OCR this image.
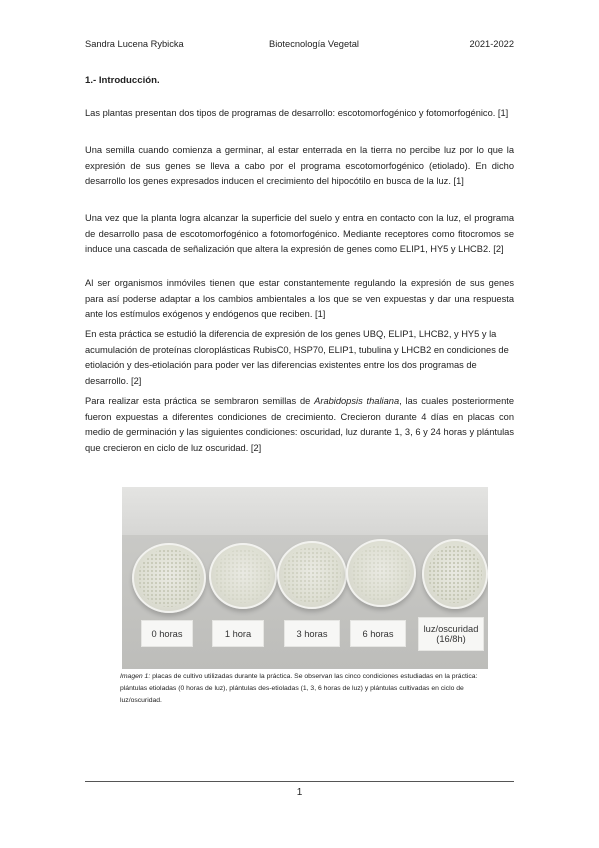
Sandra Lucena Rybicka	Biotecnología Vegetal	2021-2022
1.- Introducción.

Las plantas presentan dos tipos de programas de desarrollo: escotomorfogénico y fotomorfogénico. [1]

Una semilla cuando comienza a germinar, al estar enterrada en la tierra no percibe luz por lo que la expresión de sus genes se lleva a cabo por el programa escotomorfogénico (etiolado). En dicho desarrollo los genes expresados inducen el crecimiento del hipocótilo en busca de la luz. [1]

Una vez que la planta logra alcanzar la superficie del suelo y entra en contacto con la luz, el programa de desarrollo pasa de escotomorfogénico a fotomorfogénico. Mediante receptores como fitocromos se induce una cascada de señalización que altera la expresión de genes como ELIP1, HY5 y LHCB2. [2]

Al ser organismos inmóviles tienen que estar constantemente regulando la expresión de sus genes para así poderse adaptar a los cambios ambientales a los que se ven expuestas y dar una respuesta ante los estímulos exógenos y endógenos que reciben. [1]

En esta práctica se estudió la diferencia de expresión de los genes UBQ, ELIP1, LHCB2, y HY5 y la acumulación de proteínas cloroplásticas RubisC0, HSP70, ELIP1, tubulina y LHCB2 en condiciones de etiolación y des-etiolación para poder ver las diferencias existentes entre los dos programas de desarrollo. [2]

Para realizar esta práctica se sembraron semillas de Arabidopsis thaliana, las cuales posteriormente fueron expuestas a diferentes condiciones de crecimiento. Crecieron durante 4 días en placas con medio de germinación y las siguientes condiciones: oscuridad, luz durante 1, 3, 6 y 24 horas y plántulas que crecieron en ciclo de luz oscuridad. [2]

0 horas	1 hora	3 horas	6 horas	luz/oscuridad
(16/8h)

Imagen 1: placas de cultivo utilizadas durante la práctica. Se observan las cinco condiciones estudiadas en la práctica: plántulas etioladas (0 horas de luz), plántulas des-etioladas (1, 3, 6 horas de luz) y plántulas cultivadas en ciclo de luz/oscuridad.

1
